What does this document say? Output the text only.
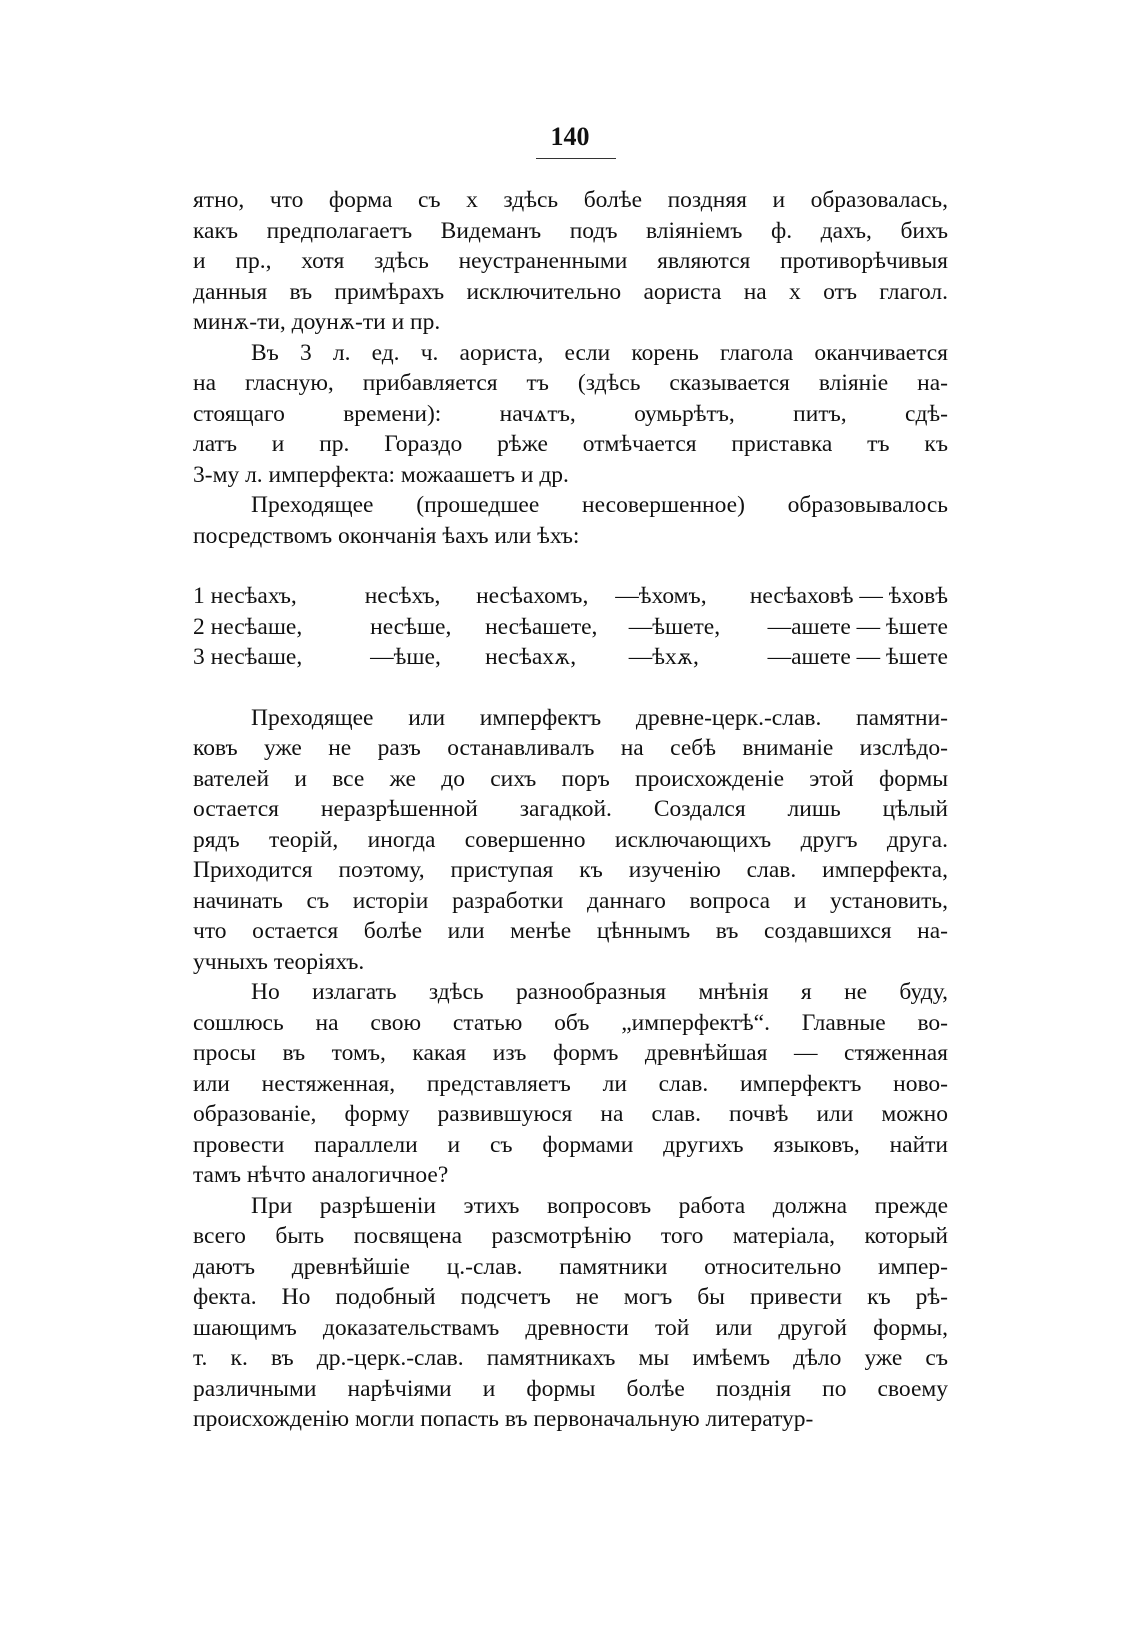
140

ятно, что форма съ x здѣсь болѣе поздняя и образовалась,

какъ предполагаетъ Видеманъ подъ вліяніемъ ф. дахъ, бихъ

и пр., хотя здѣсь неустраненными являются противорѣчивыя

данныя въ примѣрахъ исключительно аориста на x отъ глагол.

минѫ-ти, доунѫ-ти и пр.

Въ 3 л. ед. ч. аориста, если корень глагола оканчивается

на гласную, прибавляется тъ (здѣсь сказывается вліяніе на-

стоящаго времени): начѧтъ, оумьрѣтъ, питъ, сдѣ-

латъ и пр. Гораздо рѣже отмѣчается приставка тъ къ

3-му л. имперфекта: можаашетъ и др.

Преходящее (прошедшее несовершенное) образовывалось

посредствомъ окончанія ѣахъ или ѣхъ:

1 несѣахъ,	несѣхъ,	несѣахомъ,	—ѣхомъ,	несѣаховѣ — ѣховѣ
2 несѣаше,	несѣше,	несѣашете,	—ѣшете,	—ашете — ѣшете
3 несѣаше,	—ѣше,	несѣахѫ,	—ѣхѫ,	—ашете — ѣшете

Преходящее или имперфектъ древне-церк.-слав. памятни-

ковъ уже не разъ останавливалъ на себѣ вниманіе изслѣдо-

вателей и все же до сихъ поръ происхожденіе этой формы

остается неразрѣшенной загадкой. Создался лишь цѣлый

рядъ теорій, иногда совершенно исключающихъ другъ друга.

Приходится поэтому, приступая къ изученію слав. имперфекта,

начинать съ исторіи разработки даннаго вопроса и установить,

что остается болѣе или менѣе цѣннымъ въ создавшихся на-

учныхъ теоріяхъ.

Но излагать здѣсь разнообразныя мнѣнія я не буду,

сошлюсь на свою статью объ „имперфектѣ“. Главные во-

просы въ томъ, какая изъ формъ древнѣйшая — стяженная

или нестяженная, представляетъ ли слав. имперфектъ ново-

образованіе, форму развившуюся на слав. почвѣ или можно

провести параллели и съ формами другихъ языковъ, найти

тамъ нѣчто аналогичное?

При разрѣшеніи этихъ вопросовъ работа должна прежде

всего быть посвящена разсмотрѣнію того матеріала, который

даютъ древнѣйшіе ц.-слав. памятники относительно импер-

фекта. Но подобный подсчетъ не могъ бы привести къ рѣ-

шающимъ доказательствамъ древности той или другой формы,

т. к. въ др.-церк.-слав. памятникахъ мы имѣемъ дѣло уже съ

различными нарѣчіями и формы болѣе позднія по своему

происхожденію могли попасть въ первоначальную литератур-
